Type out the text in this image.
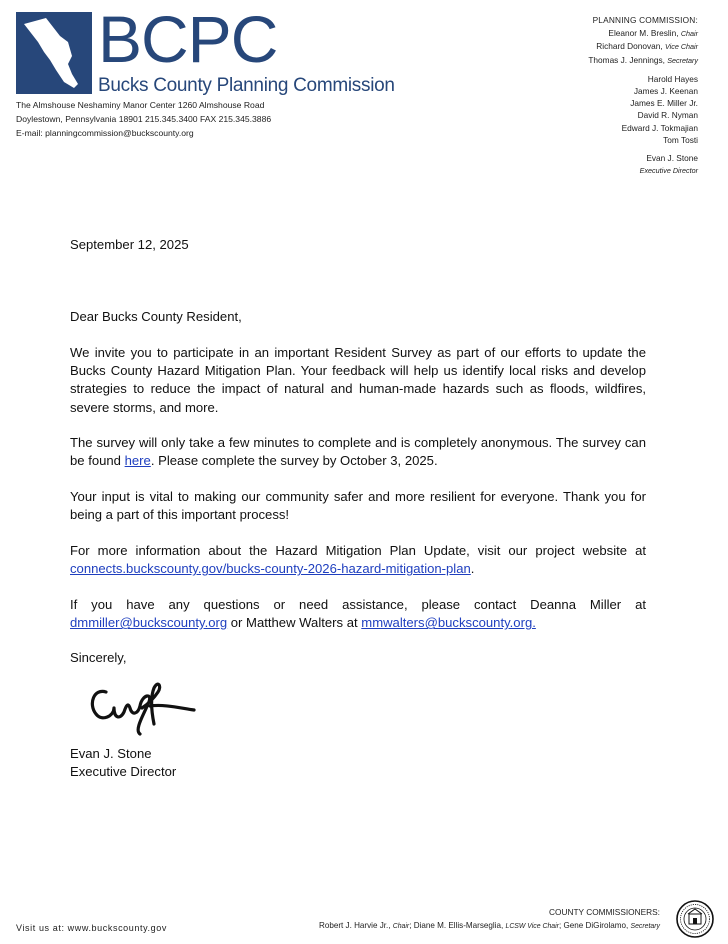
BCPC
Bucks County Planning Commission
The Almshouse Neshaminy Manor Center 1260 Almshouse Road
Doylestown, Pennsylvania 18901 215.345.3400 FAX 215.345.3886
E-mail: planningcommission@buckscounty.org
PLANNING COMMISSION:
Eleanor M. Breslin, Chair
Richard Donovan, Vice Chair
Thomas J. Jennings, Secretary
Harold Hayes
James J. Keenan
James E. Miller Jr.
David R. Nyman
Edward J. Tokmajian
Tom Tosti
Evan J. Stone
Executive Director
September 12, 2025
Dear Bucks County Resident,

We invite you to participate in an important Resident Survey as part of our efforts to update the Bucks County Hazard Mitigation Plan. Your feedback will help us identify local risks and develop strategies to reduce the impact of natural and human-made hazards such as floods, wildfires, severe storms, and more.

The survey will only take a few minutes to complete and is completely anonymous. The survey can be found here. Please complete the survey by October 3, 2025.

Your input is vital to making our community safer and more resilient for everyone. Thank you for being a part of this important process!

For more information about the Hazard Mitigation Plan Update, visit our project website at connects.buckscounty.gov/bucks-county-2026-hazard-mitigation-plan.

If you have any questions or need assistance, please contact Deanna Miller at dmmiller@buckscounty.org or Matthew Walters at mmwalters@buckscounty.org.

Sincerely,
Evan J. Stone
Executive Director
Visit us at: www.buckscounty.gov
COUNTY COMMISSIONERS:
Robert J. Harvie Jr., Chair; Diane M. Ellis-Marseglia, LCSW Vice Chair; Gene DiGirolamo, Secretary
